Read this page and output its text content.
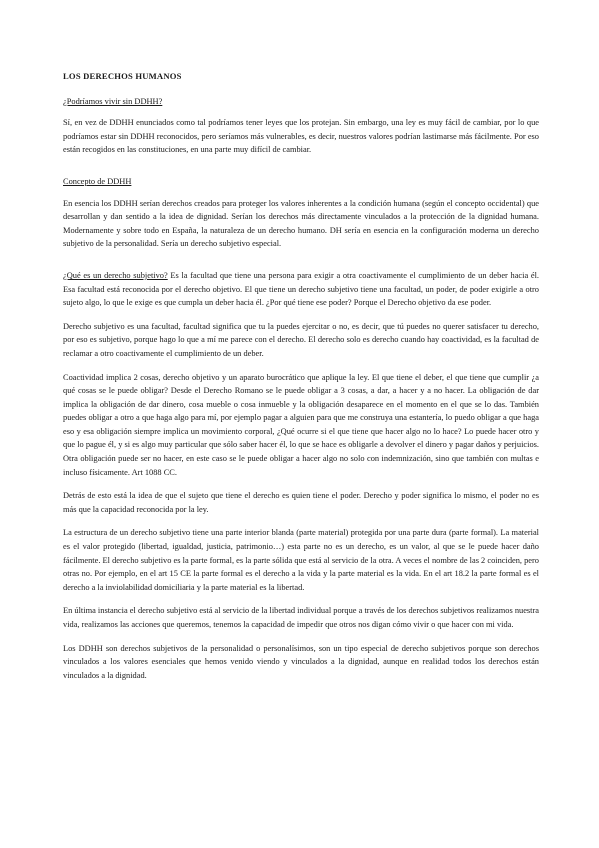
LOS DERECHOS HUMANOS
¿Podríamos vivir sin DDHH?

Sí, en vez de DDHH enunciados como tal podríamos tener leyes que los protejan. Sin embargo, una ley es muy fácil de cambiar, por lo que podríamos estar sin DDHH reconocidos, pero seríamos más vulnerables, es decir, nuestros valores podrían lastimarse más fácilmente. Por eso están recogidos en las constituciones, en una parte muy difícil de cambiar.

Concepto de DDHH

En esencia los DDHH serían derechos creados para proteger los valores inherentes a la condición humana (según el concepto occidental) que desarrollan y dan sentido a la idea de dignidad. Serían los derechos más directamente vinculados a la protección de la dignidad humana. Modernamente y sobre todo en España, la naturaleza de un derecho humano. DH sería en esencia en la configuración moderna un derecho subjetivo de la personalidad. Sería un derecho subjetivo especial.

¿Qué es un derecho subjetivo? Es la facultad que tiene una persona para exigir a otra coactivamente el cumplimiento de un deber hacia él. Esa facultad está reconocida por el derecho objetivo. El que tiene un derecho subjetivo tiene una facultad, un poder, de poder exigirle a otro sujeto algo, lo que le exige es que cumpla un deber hacia él. ¿Por qué tiene ese poder? Porque el Derecho objetivo da ese poder.

Derecho subjetivo es una facultad, facultad significa que tu la puedes ejercitar o no, es decir, que tú puedes no querer satisfacer tu derecho, por eso es subjetivo, porque hago lo que a mí me parece con el derecho. El derecho solo es derecho cuando hay coactividad, es la facultad de reclamar a otro coactivamente el cumplimiento de un deber.

Coactividad implica 2 cosas, derecho objetivo y un aparato burocrático que aplique la ley. El que tiene el deber, el que tiene que cumplir ¿a qué cosas se le puede obligar? Desde el Derecho Romano se le puede obligar a 3 cosas, a dar, a hacer y a no hacer. La obligación de dar implica la obligación de dar dinero, cosa mueble o cosa inmueble y la obligación desaparece en el momento en el que se lo das. También puedes obligar a otro a que haga algo para mí, por ejemplo pagar a alguien para que me construya una estantería, lo puedo obligar a que haga eso y esa obligación siempre implica un movimiento corporal, ¿Qué ocurre si el que tiene que hacer algo no lo hace? Lo puede hacer otro y que lo pague él, y si es algo muy particular que sólo saber hacer él, lo que se hace es obligarle a devolver el dinero y pagar daños y perjuicios. Otra obligación puede ser no hacer, en este caso se le puede obligar a hacer algo no solo con indemnización, sino que también con multas e incluso físicamente. Art 1088 CC.

Detrás de esto está la idea de que el sujeto que tiene el derecho es quien tiene el poder. Derecho y poder significa lo mismo, el poder no es más que la capacidad reconocida por la ley.

La estructura de un derecho subjetivo tiene una parte interior blanda (parte material) protegida por una parte dura (parte formal). La material es el valor protegido (libertad, igualdad, justicia, patrimonio…) esta parte no es un derecho, es un valor, al que se le puede hacer daño fácilmente. El derecho subjetivo es la parte formal, es la parte sólida que está al servicio de la otra. A veces el nombre de las 2 coinciden, pero otras no. Por ejemplo, en el art 15 CE la parte formal es el derecho a la vida y la parte material es la vida. En el art 18.2 la parte formal es el derecho a la inviolabilidad domiciliaria y la parte material es la libertad.

En última instancia el derecho subjetivo está al servicio de la libertad individual porque a través de los derechos subjetivos realizamos nuestra vida, realizamos las acciones que queremos, tenemos la capacidad de impedir que otros nos digan cómo vivir o que hacer con mi vida.

Los DDHH son derechos subjetivos de la personalidad o personalísimos, son un tipo especial de derecho subjetivos porque son derechos vinculados a los valores esenciales que hemos venido viendo y vinculados a la dignidad, aunque en realidad todos los derechos están vinculados a la dignidad.
